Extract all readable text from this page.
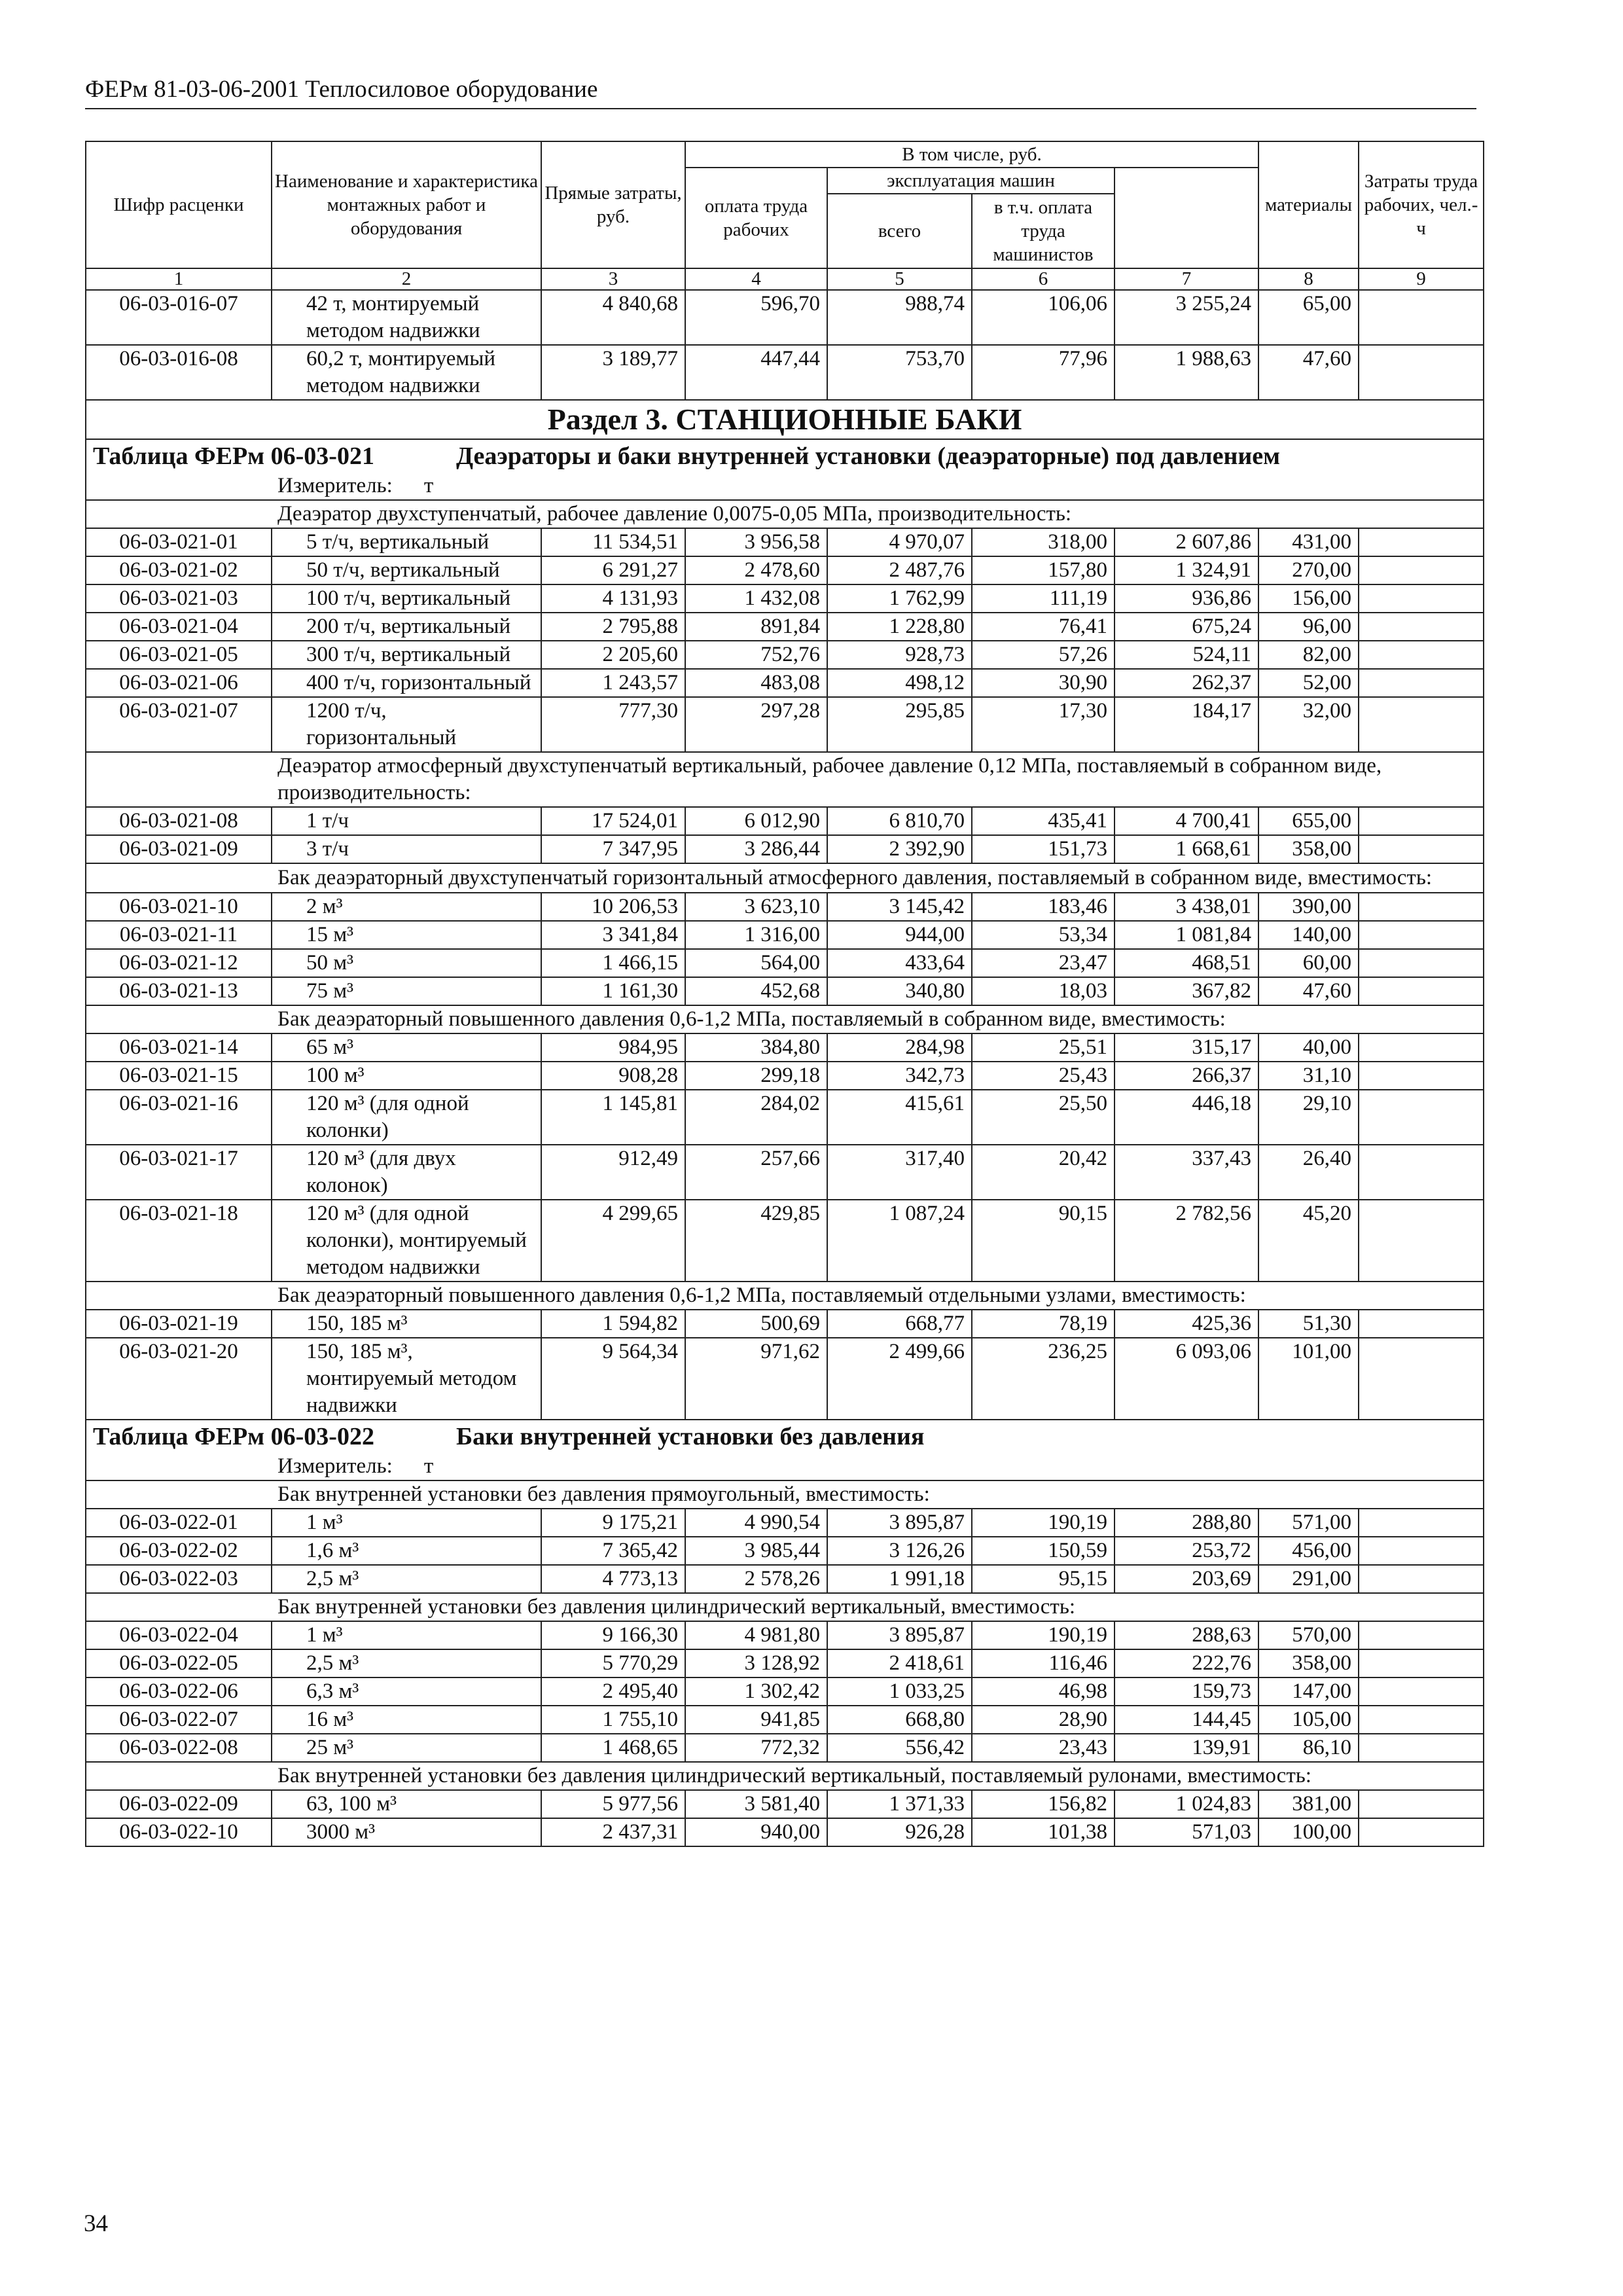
ФЕРм 81-03-06-2001 Теплосиловое оборудование
Шифр расценки	Наименование и характеристика монтажных работ и оборудования	Прямые затраты, руб.	В том числе, руб.				материалы	Затраты труда рабочих, чел.-ч	
			оплата труда рабочих	эксплуатация машин					
				всего	в т.ч. оплата труда машинистов				
1	2	3	4	5	6	7	8	9	
06-03-016-07	42 т, монтируемый методом надвижки	4 840,68	596,70	988,74	106,06	3 255,24	65,00		
06-03-016-08	60,2 т, монтируемый методом надвижки	3 189,77	447,44	753,70	77,96	1 988,63	47,60		
Раздел 3. СТАНЦИОННЫЕ БАКИ									
Таблица ФЕРм 06-03-021 Деаэраторы и баки внутренней установки (деаэраторные) под давлением									
Измеритель: т									
Деаэратор двухступенчатый, рабочее давление 0,0075-0,05 МПа, производительность:									
06-03-021-01	5 т/ч, вертикальный	11 534,51	3 956,58	4 970,07	318,00	2 607,86	431,00		
06-03-021-02	50 т/ч, вертикальный	6 291,27	2 478,60	2 487,76	157,80	1 324,91	270,00		
06-03-021-03	100 т/ч, вертикальный	4 131,93	1 432,08	1 762,99	111,19	936,86	156,00		
06-03-021-04	200 т/ч, вертикальный	2 795,88	891,84	1 228,80	76,41	675,24	96,00		
06-03-021-05	300 т/ч, вертикальный	2 205,60	752,76	928,73	57,26	524,11	82,00		
06-03-021-06	400 т/ч, горизонтальный	1 243,57	483,08	498,12	30,90	262,37	52,00		
06-03-021-07	1200 т/ч, горизонтальный	777,30	297,28	295,85	17,30	184,17	32,00		
Деаэратор атмосферный двухступенчатый вертикальный, рабочее давление 0,12 МПа, поставляемый в собранном виде, производительность:									
06-03-021-08	1 т/ч	17 524,01	6 012,90	6 810,70	435,41	4 700,41	655,00		
06-03-021-09	3 т/ч	7 347,95	3 286,44	2 392,90	151,73	1 668,61	358,00		
Бак деаэраторный двухступенчатый горизонтальный атмосферного давления, поставляемый в собранном виде, вместимость:									
06-03-021-10	2 м³	10 206,53	3 623,10	3 145,42	183,46	3 438,01	390,00		
06-03-021-11	15 м³	3 341,84	1 316,00	944,00	53,34	1 081,84	140,00		
06-03-021-12	50 м³	1 466,15	564,00	433,64	23,47	468,51	60,00		
06-03-021-13	75 м³	1 161,30	452,68	340,80	18,03	367,82	47,60		
Бак деаэраторный повышенного давления 0,6-1,2 МПа, поставляемый в собранном виде, вместимость:									
06-03-021-14	65 м³	984,95	384,80	284,98	25,51	315,17	40,00		
06-03-021-15	100 м³	908,28	299,18	342,73	25,43	266,37	31,10		
06-03-021-16	120 м³ (для одной колонки)	1 145,81	284,02	415,61	25,50	446,18	29,10		
06-03-021-17	120 м³ (для двух колонок)	912,49	257,66	317,40	20,42	337,43	26,40		
06-03-021-18	120 м³ (для одной колонки), монтируемый методом надвижки	4 299,65	429,85	1 087,24	90,15	2 782,56	45,20		
Бак деаэраторный повышенного давления 0,6-1,2 МПа, поставляемый отдельными узлами, вместимость:									
06-03-021-19	150, 185 м³	1 594,82	500,69	668,77	78,19	425,36	51,30		
06-03-021-20	150, 185 м³, монтируемый методом надвижки	9 564,34	971,62	2 499,66	236,25	6 093,06	101,00		
Таблица ФЕРм 06-03-022 Баки внутренней установки без давления									
Измеритель: т									
Бак внутренней установки без давления прямоугольный, вместимость:									
06-03-022-01	1 м³	9 175,21	4 990,54	3 895,87	190,19	288,80	571,00		
06-03-022-02	1,6 м³	7 365,42	3 985,44	3 126,26	150,59	253,72	456,00		
06-03-022-03	2,5 м³	4 773,13	2 578,26	1 991,18	95,15	203,69	291,00		
Бак внутренней установки без давления цилиндрический вертикальный, вместимость:									
06-03-022-04	1 м³	9 166,30	4 981,80	3 895,87	190,19	288,63	570,00		
06-03-022-05	2,5 м³	5 770,29	3 128,92	2 418,61	116,46	222,76	358,00		
06-03-022-06	6,3 м³	2 495,40	1 302,42	1 033,25	46,98	159,73	147,00		
06-03-022-07	16 м³	1 755,10	941,85	668,80	28,90	144,45	105,00		
06-03-022-08	25 м³	1 468,65	772,32	556,42	23,43	139,91	86,10		
Бак внутренней установки без давления цилиндрический вертикальный, поставляемый рулонами, вместимость:									
06-03-022-09	63, 100 м³	5 977,56	3 581,40	1 371,33	156,82	1 024,83	381,00		
06-03-022-10	3000 м³	2 437,31	940,00	926,28	101,38	571,03	100,00		
34
